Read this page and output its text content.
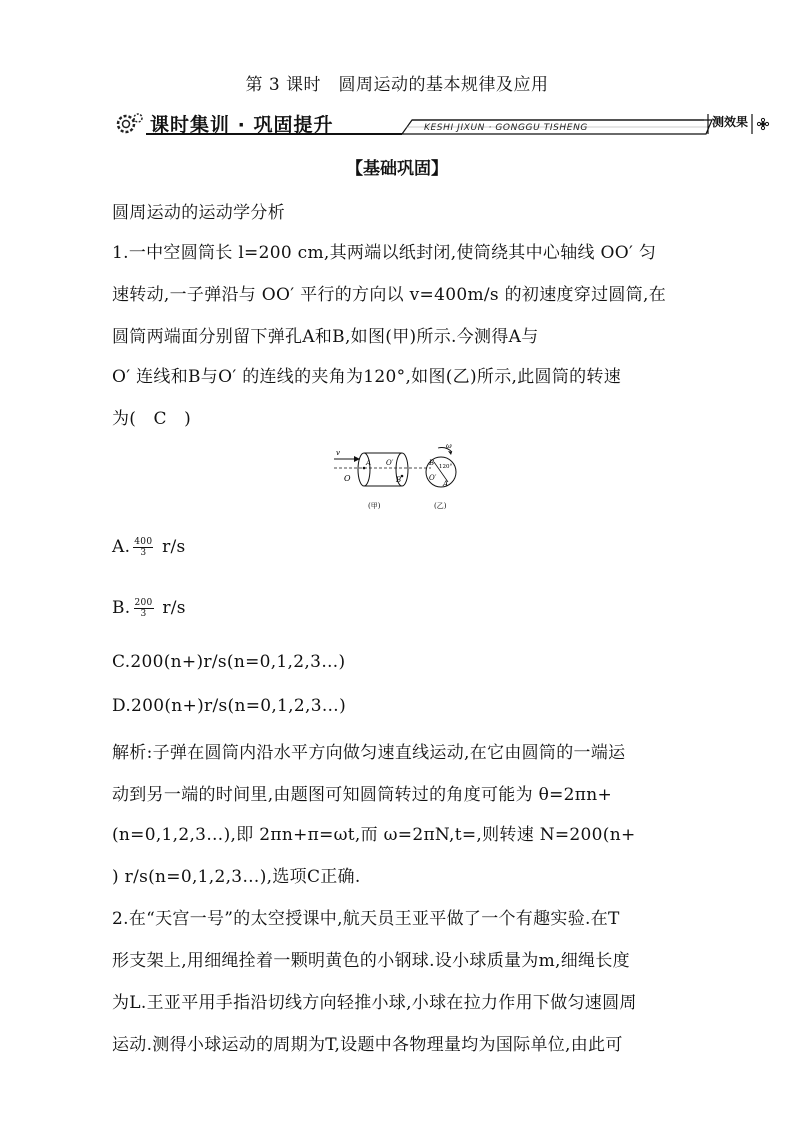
第 3 课时　圆周运动的基本规律及应用
课时集训 · 巩固提升	KESHI JIXUN · GONGGU TISHENG	测效果
【基础巩固】
圆周运动的运动学分析
1.一中空圆筒长 l=200 cm,其两端以纸封闭,使筒绕其中心轴线 OO′ 匀
速转动,一子弹沿与 OO′ 平行的方向以 v=400m/s 的初速度穿过圆筒,在
圆筒两端面分别留下弹孔A和B,如图(甲)所示.今测得A与
O′ 连线和B与O′ 的连线的夹角为120°,如图(乙)所示,此圆筒的转速
为(　C　)
v
O
A O′
B
(甲)
ω
B 120°
O′
A
(乙)
A. $\frac{400}{3} r/s$
B. $\frac{200}{3} r/s$
C.200(n+)r/s(n=0,1,2,3…)
D.200(n+)r/s(n=0,1,2,3…)
解析:子弹在圆筒内沿水平方向做匀速直线运动,在它由圆筒的一端运
动到另一端的时间里,由题图可知圆筒转过的角度可能为 θ=2πn+
(n=0,1,2,3…),即 2πn+π=ωt,而 ω=2πN,t=,则转速 N=200(n+
) r/s(n=0,1,2,3…),选项C正确.
2.在“天宫一号”的太空授课中,航天员王亚平做了一个有趣实验.在T
形支架上,用细绳拴着一颗明黄色的小钢球.设小球质量为m,细绳长度
为L.王亚平用手指沿切线方向轻推小球,小球在拉力作用下做匀速圆周
运动.测得小球运动的周期为T,设题中各物理量均为国际单位,由此可
